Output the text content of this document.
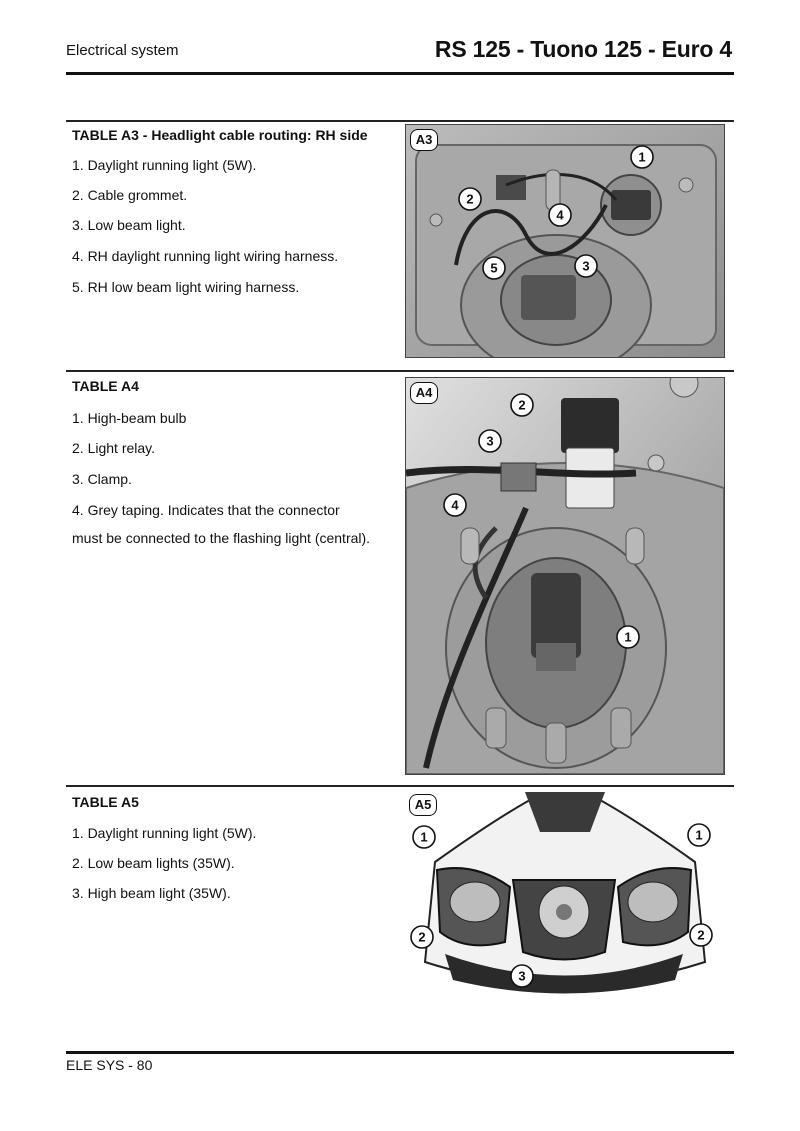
Electrical system	RS 125 - Tuono 125 - Euro 4
TABLE A3 - Headlight cable routing: RH side
1. Daylight running light (5W).
2. Cable grommet.
3. Low beam light.
4. RH daylight running light wiring harness.
5. RH low beam light wiring harness.
A3
1
2
3
4
5
TABLE A4
1. High-beam bulb
2. Light relay.
3. Clamp.
4. Grey taping. Indicates that the connector
must be connected to the flashing light (central).
A4
1
2
3
4
TABLE A5
1. Daylight running light (5W).
2. Low beam lights (35W).
3. High beam light (35W).
A5
1	1
2	2
3
ELE SYS - 80
